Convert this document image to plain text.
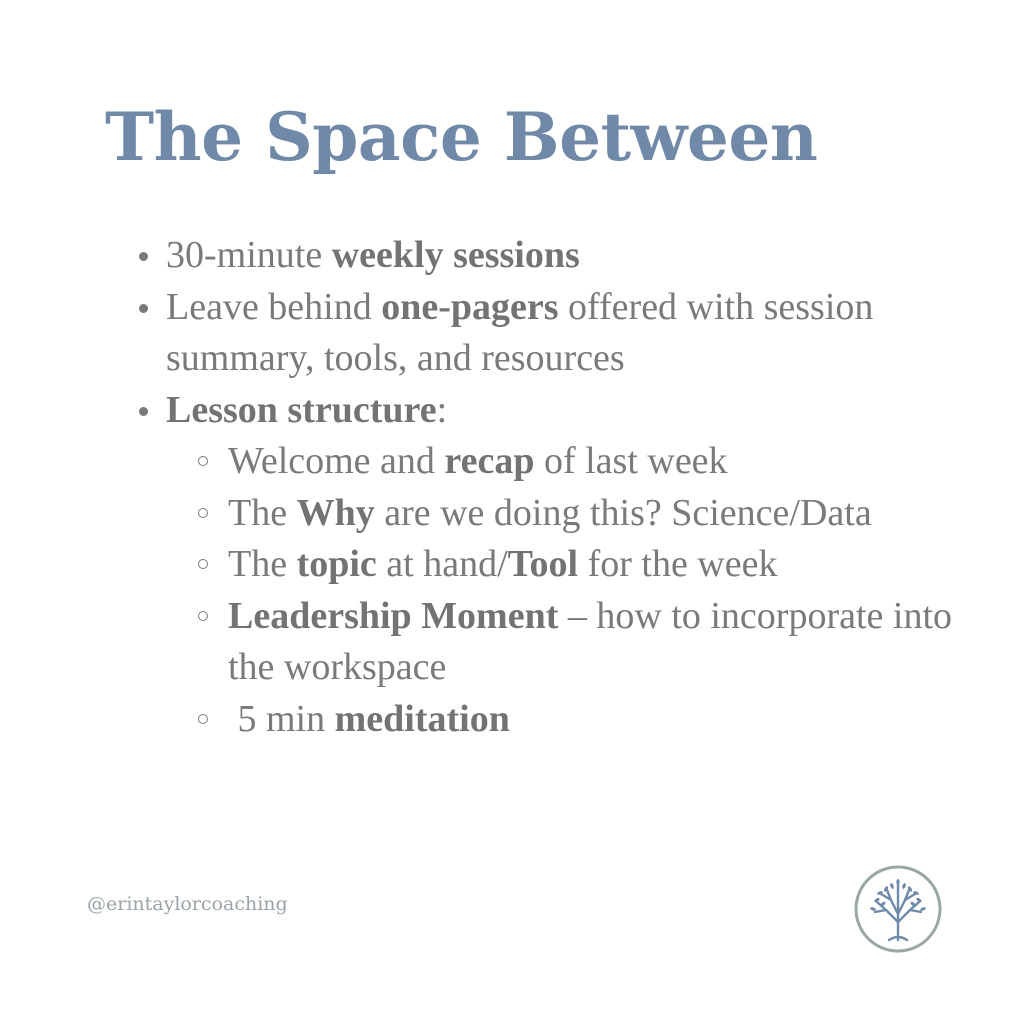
The Space Between
30-minute weekly sessions
Leave behind one-pagers offered with session summary, tools, and resources
Lesson structure:
Welcome and recap of last week
The Why are we doing this? Science/Data
The topic at hand/Tool for the week
Leadership Moment – how to incorporate into the workspace
5 min meditation
@erintaylorcoaching
